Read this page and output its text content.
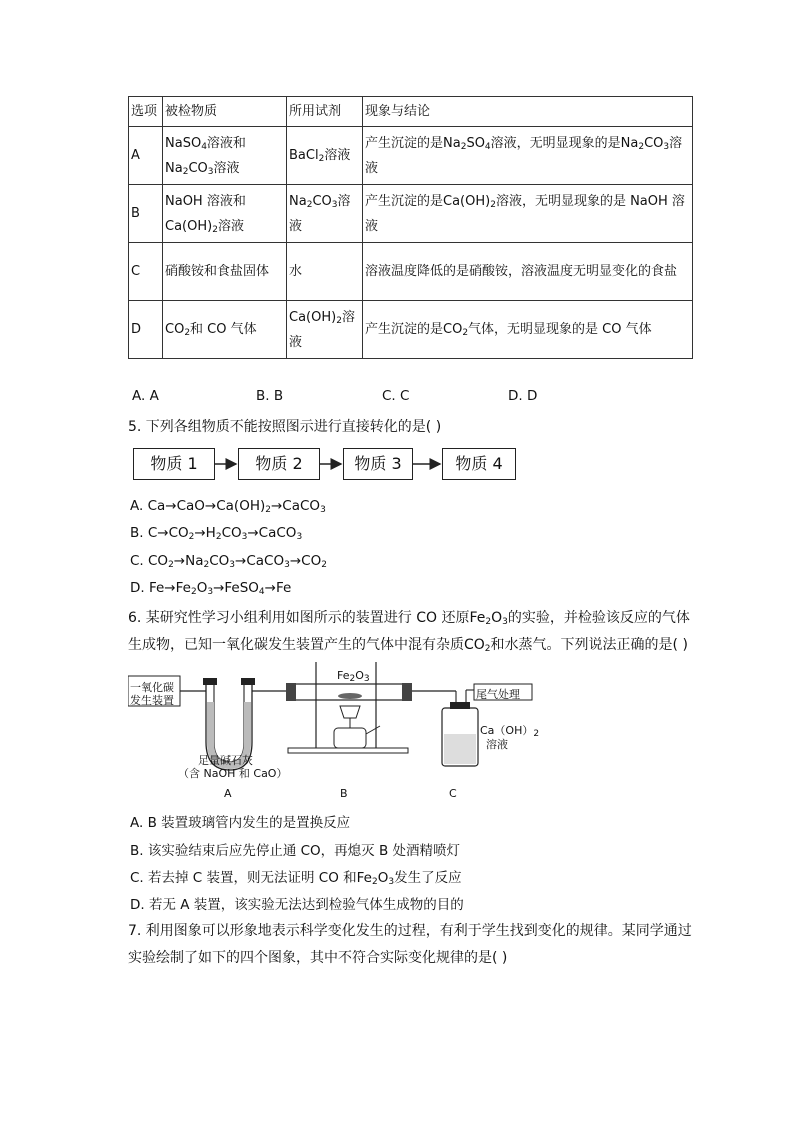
选项	被检物质	所用试剂	现象与结论
A	NaSO$_4$溶液和$Na_2CO_3$溶液	BaCl$_2$溶液	产生沉淀的是$Na_2SO_4$溶液，无明显现象的是$Na_2CO_3$溶液
B	NaOH 溶液和$Ca(OH)_2$溶液	$Na_2CO_3$溶液	产生沉淀的是$Ca(OH)_2$溶液，无明显现象的是 NaOH 溶液
C	硝酸铵和食盐固体	水	溶液温度降低的是硝酸铵，溶液温度无明显变化的食盐
D	$CO_2$和 CO 气体	$Ca(OH)_2$溶液	产生沉淀的是$CO_2$气体，无明显现象的是 CO 气体
A. A	B. B	C. C	D. D
5. 下列各组物质不能按照图示进行直接转化的是( )
物质 1	物质 2	物质 3	物质 4
A. $Ca\to CaO\to Ca(OH)_2\to CaCO_3$
B. $C\to CO_2\to H_2CO_3\to CaCO_3$
C. $CO_2\to Na_2CO_3\to CaCO_3\to CO_2$
D. $Fe\to Fe_2O_3\to FeSO_4\to Fe$
6. 某研究性学习小组利用如图所示的装置进行 CO 还原$Fe_2O_3$的实验，并检验该反应的气体
生成物，已知一氧化碳发生装置产生的气体中混有杂质$CO_2$和水蒸气。下列说法正确的是( )
一氧化碳
发生装置
$Fe_2O_3$
尾气处理
$Ca(OH)_2$
溶液
足量碱石灰
（含 NaOH 和 CaO）
A	B	C
A. B 装置玻璃管内发生的是置换反应
B. 该实验结束后应先停止通 CO，再熄灭 B 处酒精喷灯
C. 若去掉 C 装置，则无法证明 CO 和$Fe_2O_3$发生了反应
D. 若无 A 装置，该实验无法达到检验气体生成物的目的
7. 利用图象可以形象地表示科学变化发生的过程，有利于学生找到变化的规律。某同学通过
实验绘制了如下的四个图象，其中不符合实际变化规律的是( )
